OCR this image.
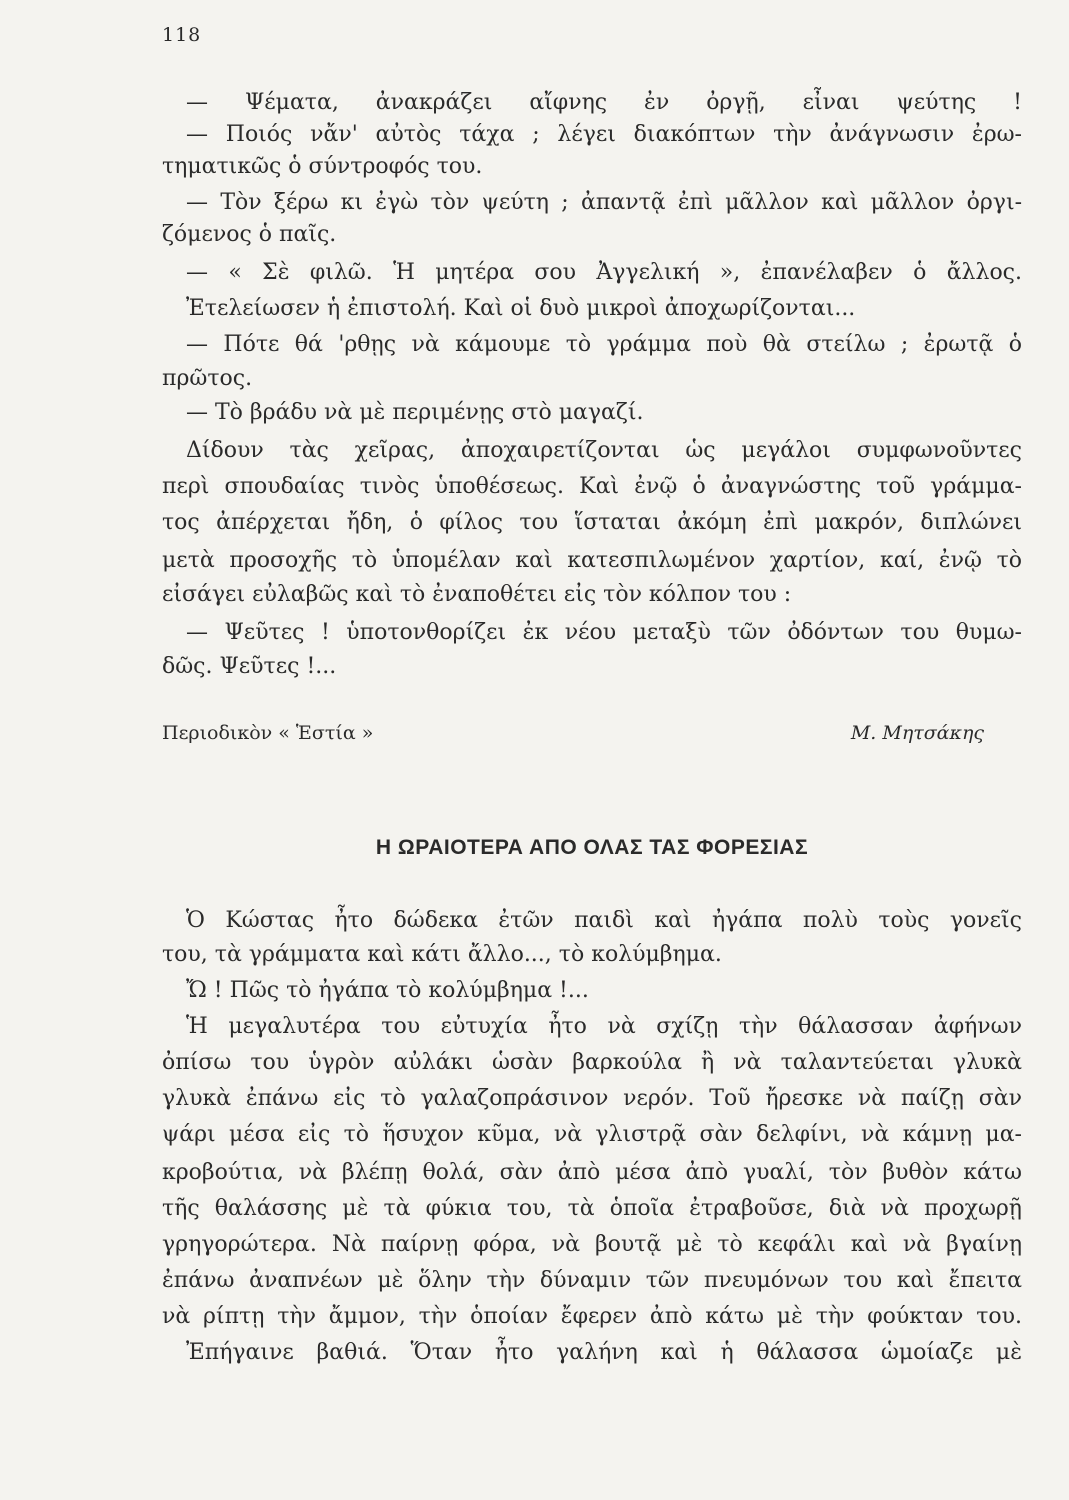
118
— Ψέματα, ἀνακράζει αἴφνης ἐν ὀργῇ, εἶναι ψεύτης !
— Ποιός νἄν' αὐτὸς τάχα ; λέγει διακόπτων τὴν ἀνάγνωσιν ἐρω-
τηματικῶς ὁ σύντροφός του.
— Τὸν ξέρω κι ἐγὼ τὸν ψεύτη ; ἀπαντᾷ ἐπὶ μᾶλλον καὶ μᾶλλον ὀργι-
ζόμενος ὁ παῖς.
— « Σὲ φιλῶ. Ἡ μητέρα σου Ἀγγελική », ἐπανέλαβεν ὁ ἄλλος.
Ἐτελείωσεν ἡ ἐπιστολή. Καὶ οἱ δυὸ μικροὶ ἀποχωρίζονται...
— Πότε θά 'ρθῃς νὰ κάμουμε τὸ γράμμα ποὺ θὰ στείλω ; ἐρωτᾷ ὁ
πρῶτος.
— Τὸ βράδυ νὰ μὲ περιμένῃς στὸ μαγαζί.
Δίδουν τὰς χεῖρας, ἀποχαιρετίζονται ὡς μεγάλοι συμφωνοῦντες
περὶ σπουδαίας τινὸς ὑποθέσεως. Καὶ ἐνῷ ὁ ἀναγνώστης τοῦ γράμμα-
τος ἀπέρχεται ἤδη, ὁ φίλος του ἵσταται ἀκόμη ἐπὶ μακρόν, διπλώνει
μετὰ προσοχῆς τὸ ὑπομέλαν καὶ κατεσπιλωμένον χαρτίον, καί, ἐνῷ τὸ
εἰσάγει εὐλαβῶς καὶ τὸ ἐναποθέτει εἰς τὸν κόλπον του :
— Ψεῦτες ! ὑποτονθορίζει ἐκ νέου μεταξὺ τῶν ὀδόντων του θυμω-
δῶς. Ψεῦτες !...
Περιοδικὸν « Ἑστία »	Μ. Μητσάκης
Η ΩΡΑΙΟΤΕΡΑ ΑΠΟ ΟΛΑΣ ΤΑΣ ΦΟΡΕΣΙΑΣ
Ὁ Κώστας ἦτο δώδεκα ἐτῶν παιδὶ καὶ ἠγάπα πολὺ τοὺς γονεῖς
του, τὰ γράμματα καὶ κάτι ἄλλο..., τὸ κολύμβημα.
Ὤ ! Πῶς τὸ ἠγάπα τὸ κολύμβημα !...
Ἡ μεγαλυτέρα του εὐτυχία ἦτο νὰ σχίζῃ τὴν θάλασσαν ἀφήνων
ὀπίσω του ὑγρὸν αὐλάκι ὡσὰν βαρκούλα ἢ νὰ ταλαντεύεται γλυκὰ
γλυκὰ ἐπάνω εἰς τὸ γαλαζοπράσινον νερόν. Τοῦ ἤρεσκε νὰ παίζῃ σὰν
ψάρι μέσα εἰς τὸ ἥσυχον κῦμα, νὰ γλιστρᾷ σὰν δελφίνι, νὰ κάμνῃ μα-
κροβούτια, νὰ βλέπῃ θολά, σὰν ἀπὸ μέσα ἀπὸ γυαλί, τὸν βυθὸν κάτω
τῆς θαλάσσης μὲ τὰ φύκια του, τὰ ὁποῖα ἐτραβοῦσε, διὰ νὰ προχωρῇ
γρηγορώτερα. Νὰ παίρνῃ φόρα, νὰ βουτᾷ μὲ τὸ κεφάλι καὶ νὰ βγαίνῃ
ἐπάνω ἀναπνέων μὲ ὅλην τὴν δύναμιν τῶν πνευμόνων του καὶ ἔπειτα
νὰ ρίπτῃ τὴν ἄμμον, τὴν ὁποίαν ἔφερεν ἀπὸ κάτω μὲ τὴν φούκταν του.
Ἐπήγαινε βαθιά. Ὅταν ἦτο γαλήνη καὶ ἡ θάλασσα ὡμοίαζε μὲ
